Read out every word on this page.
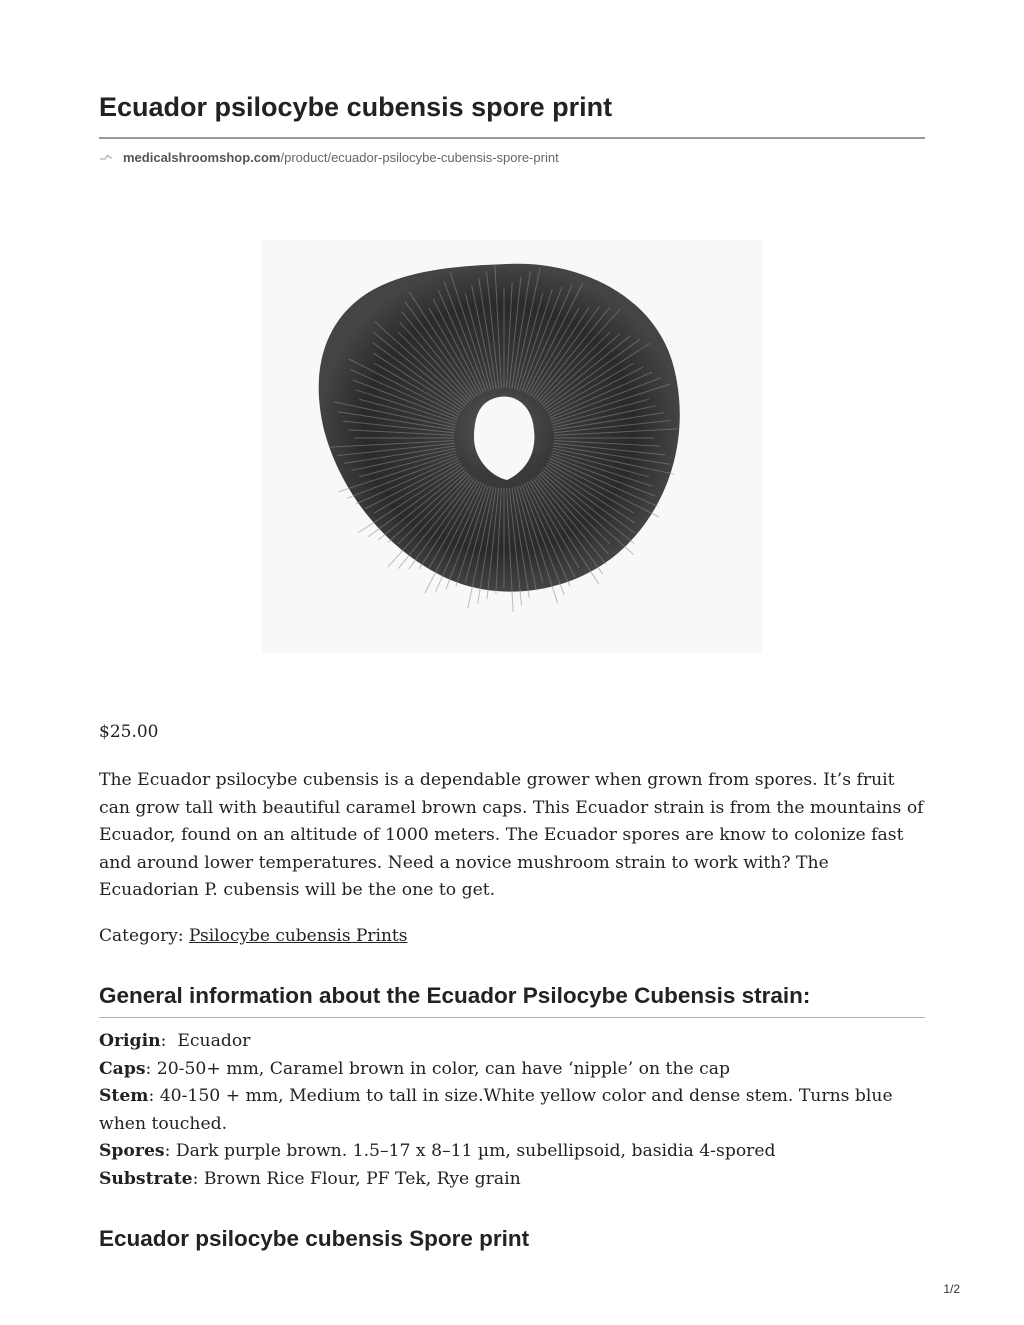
Ecuador psilocybe cubensis spore print
medicalshroomshop.com /product/ecuador-psilocybe-cubensis-spore-print
$25.00

The Ecuador psilocybe cubensis is a dependable grower when grown from spores. It’s fruit can grow tall with beautiful caramel brown caps. This Ecuador strain is from the mountains of Ecuador, found on an altitude of 1000 meters. The Ecuador spores are know to colonize fast and around lower temperatures. Need a novice mushroom strain to work with? The Ecuadorian P. cubensis will be the one to get.

Category: Psilocybe cubensis Prints
General information about the Ecuador Psilocybe Cubensis strain:
Origin:  Ecuador
Caps: 20-50+ mm, Caramel brown in color, can have ‘nipple’ on the cap
Stem: 40-150 + mm, Medium to tall in size.White yellow color and dense stem. Turns blue when touched.
Spores: Dark purple brown. 1.5–17 x 8–11 µm, subellipsoid, basidia 4-spored
Substrate: Brown Rice Flour, PF Tek, Rye grain
Ecuador psilocybe cubensis Spore print
1/2
